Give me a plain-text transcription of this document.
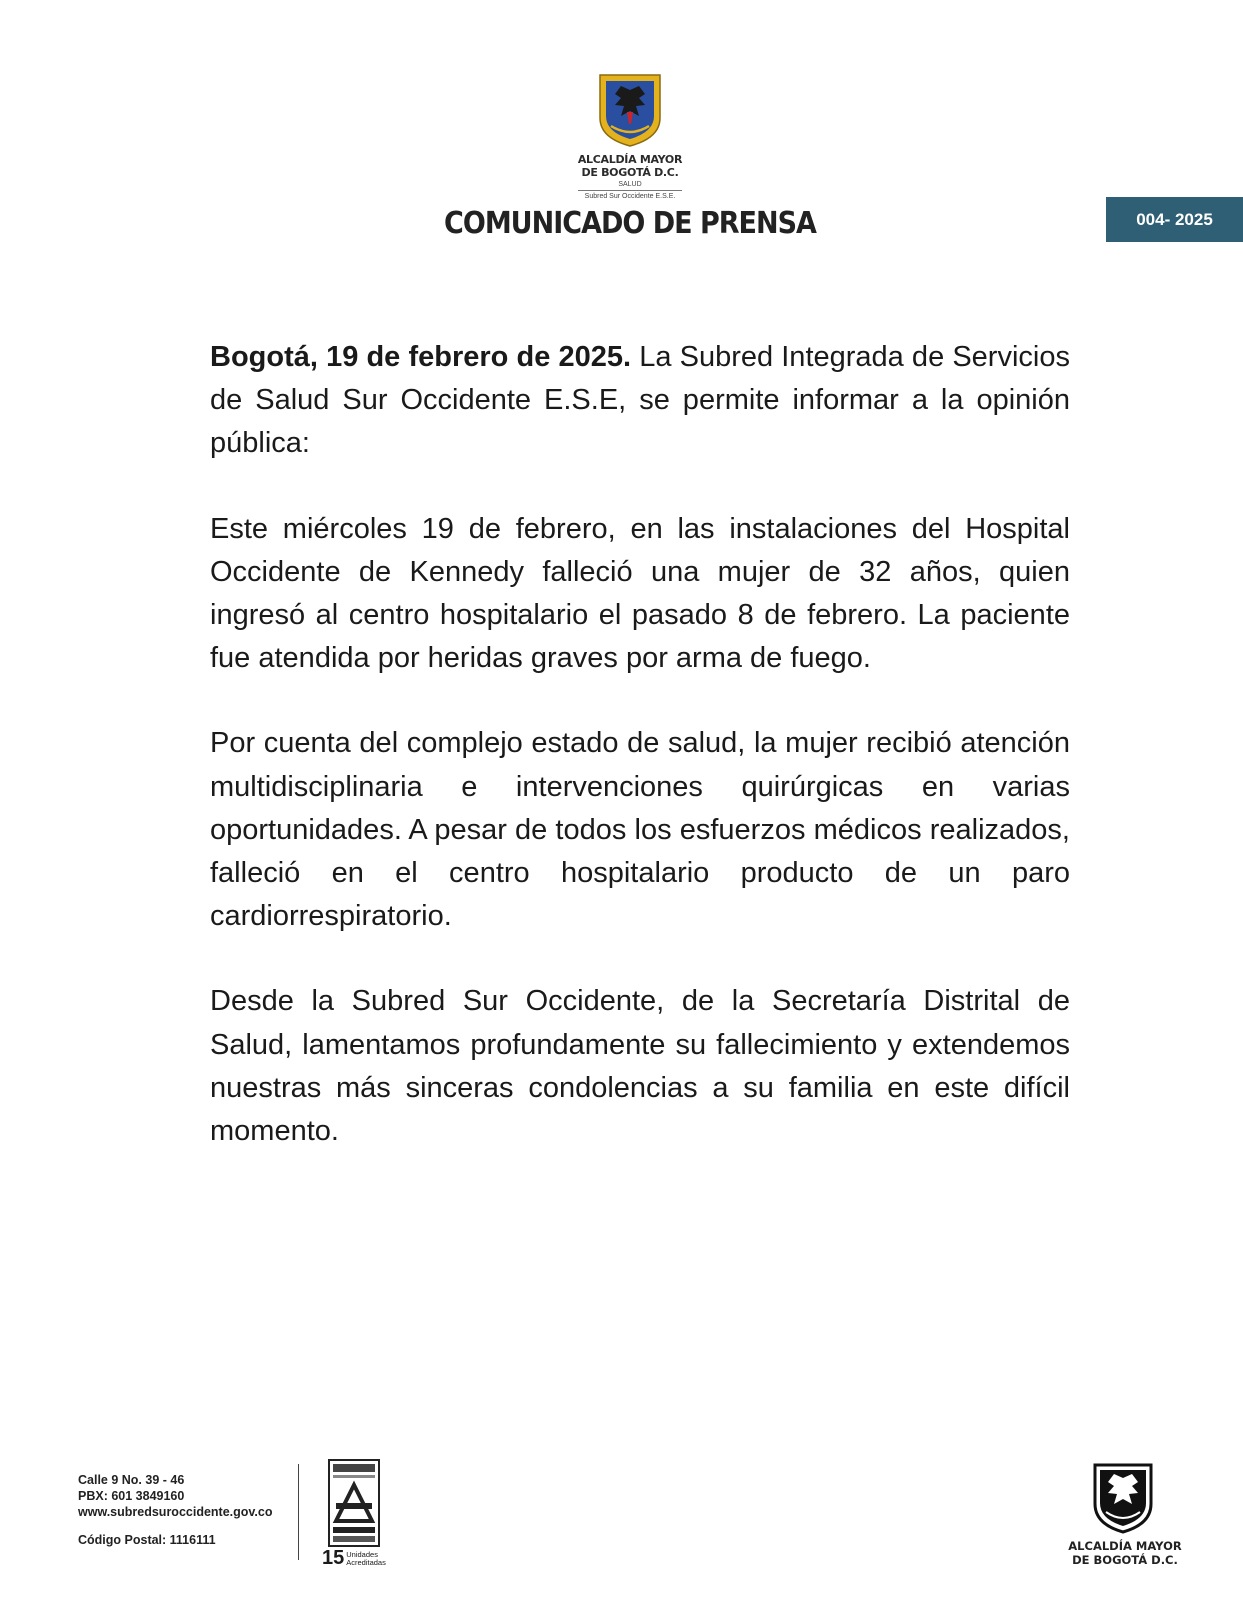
ALCALDÍA MAYOR
DE BOGOTÁ D.C.
SALUD
Subred Sur Occidente E.S.E.
COMUNICADO DE PRENSA	004- 2025

Bogotá, 19 de febrero de 2025. La Subred Integrada de Servicios de Salud Sur Occidente E.S.E, se permite informar a la opinión pública:

Este miércoles 19 de febrero, en las instalaciones del Hospital Occidente de Kennedy falleció una mujer de 32 años, quien ingresó al centro hospitalario el pasado 8 de febrero. La paciente fue atendida por heridas graves por arma de fuego.

Por cuenta del complejo estado de salud, la mujer recibió atención multidisciplinaria e intervenciones quirúrgicas en varias oportunidades. A pesar de todos los esfuerzos médicos realizados, falleció en el centro hospitalario producto de un paro cardiorrespiratorio.

Desde la Subred Sur Occidente, de la Secretaría Distrital de Salud, lamentamos profundamente su fallecimiento y extendemos nuestras más sinceras condolencias a su familia en este difícil momento.

Calle 9 No. 39 - 46
PBX: 601 3849160
www.subredsuroccidente.gov.co
Código Postal: 1116111
15 Unidades
Acreditadas
ALCALDÍA MAYOR
DE BOGOTÁ D.C.
